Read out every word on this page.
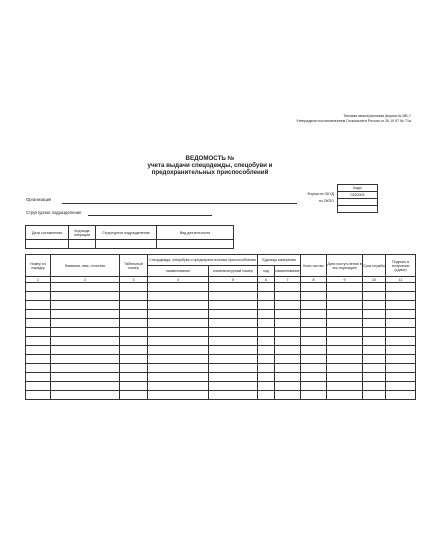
Типовая межотраслевая форма № МБ-7
Утверждена постановлением Госкомстата России от 30.10.97 № 71а
ВЕДОМОСТЬ №
учета выдачи спецодежды, спецобуви и
предохранительных приспособлений
Коды
0320003

Форма по ОКУД
по ОКПО
Организация
Структурное подразделение
Дата составления	Код вида операции	Структурное подразделение	Вид деятельности

Номер по порядку	Фамилия, имя, отчество	Табельный номер	Спецодежда, спецобувь и предохранительные приспособления		Единица измерения		Коли-чество	Дата поступ-ления в экс-плуатацию	Срок службы	Подпись в получении (сдаче)
			наименование	номенклатурный номер	код	наименование				
1	2	3	4	5	6	7	8	9	10	11
